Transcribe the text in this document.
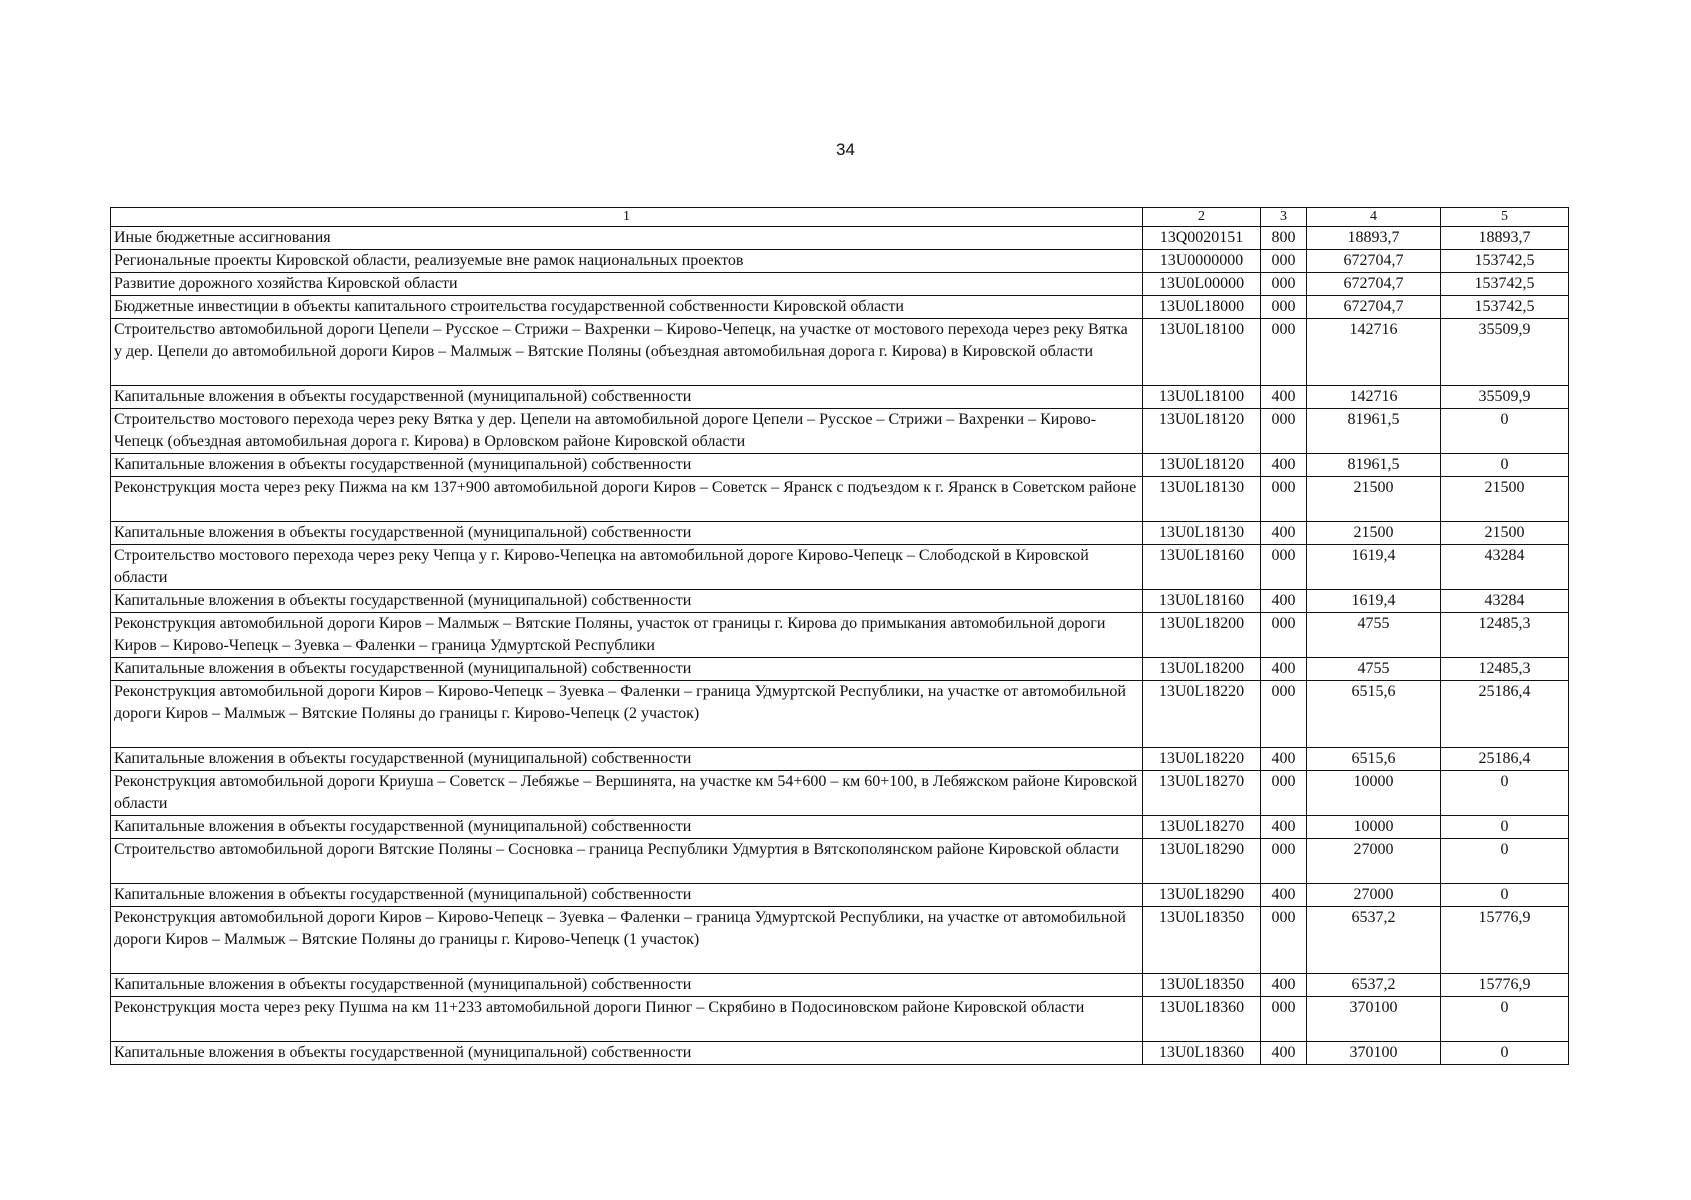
34
1	2	3	4	5
Иные бюджетные ассигнования	13Q0020151	800	18893,7	18893,7
Региональные проекты Кировской области, реализуемые вне рамок национальных проектов	13U0000000	000	672704,7	153742,5
Развитие дорожного хозяйства Кировской области	13U0L00000	000	672704,7	153742,5
Бюджетные инвестиции в объекты капитального строительства государственной собственности Кировской области	13U0L18000	000	672704,7	153742,5
Строительство автомобильной дороги Цепели – Русское – Стрижи – Вахренки – Кирово-Чепецк, на участке от мостового перехода через реку Вятка у дер. Цепели до автомобильной дороги Киров – Малмыж – Вятские Поляны (объездная автомобильная дорога г. Кирова) в Кировской области	13U0L18100	000	142716	35509,9
Капитальные вложения в объекты государственной (муниципальной) собственности	13U0L18100	400	142716	35509,9
Строительство мостового перехода через реку Вятка у дер. Цепели на автомобильной дороге Цепели – Русское – Стрижи – Вахренки – Кирово-Чепецк (объездная автомобильная дорога г. Кирова) в Орловском районе Кировской области	13U0L18120	000	81961,5	0
Капитальные вложения в объекты государственной (муниципальной) собственности	13U0L18120	400	81961,5	0
Реконструкция моста через реку Пижма на км 137+900 автомобильной дороги Киров – Советск – Яранск с подъездом к г. Яранск в Советском районе	13U0L18130	000	21500	21500
Капитальные вложения в объекты государственной (муниципальной) собственности	13U0L18130	400	21500	21500
Строительство мостового перехода через реку Чепца у г. Кирово-Чепецка на автомобильной дороге Кирово-Чепецк – Слободской в Кировской области	13U0L18160	000	1619,4	43284
Капитальные вложения в объекты государственной (муниципальной) собственности	13U0L18160	400	1619,4	43284
Реконструкция автомобильной дороги Киров – Малмыж – Вятские Поляны, участок от границы г. Кирова до примыкания автомобильной дороги Киров – Кирово-Чепецк – Зуевка – Фаленки – граница Удмуртской Республики	13U0L18200	000	4755	12485,3
Капитальные вложения в объекты государственной (муниципальной) собственности	13U0L18200	400	4755	12485,3
Реконструкция автомобильной дороги Киров – Кирово-Чепецк – Зуевка – Фаленки – граница Удмуртской Республики, на участке от автомобильной дороги Киров – Малмыж – Вятские Поляны до границы г. Кирово-Чепецк (2 участок)	13U0L18220	000	6515,6	25186,4
Капитальные вложения в объекты государственной (муниципальной) собственности	13U0L18220	400	6515,6	25186,4
Реконструкция автомобильной дороги Криуша – Советск – Лебяжье – Вершинята, на участке км 54+600 – км 60+100, в Лебяжском районе Кировской области	13U0L18270	000	10000	0
Капитальные вложения в объекты государственной (муниципальной) собственности	13U0L18270	400	10000	0
Строительство автомобильной дороги Вятские Поляны – Сосновка – граница Республики Удмуртия в Вятскополянском районе Кировской области	13U0L18290	000	27000	0
Капитальные вложения в объекты государственной (муниципальной) собственности	13U0L18290	400	27000	0
Реконструкция автомобильной дороги Киров – Кирово-Чепецк – Зуевка – Фаленки – граница Удмуртской Республики, на участке от автомобильной дороги Киров – Малмыж – Вятские Поляны до границы г. Кирово-Чепецк (1 участок)	13U0L18350	000	6537,2	15776,9
Капитальные вложения в объекты государственной (муниципальной) собственности	13U0L18350	400	6537,2	15776,9
Реконструкция моста через реку Пушма на км 11+233 автомобильной дороги Пинюг – Скрябино в Подосиновском районе Кировской области	13U0L18360	000	370100	0
Капитальные вложения в объекты государственной (муниципальной) собственности	13U0L18360	400	370100	0
